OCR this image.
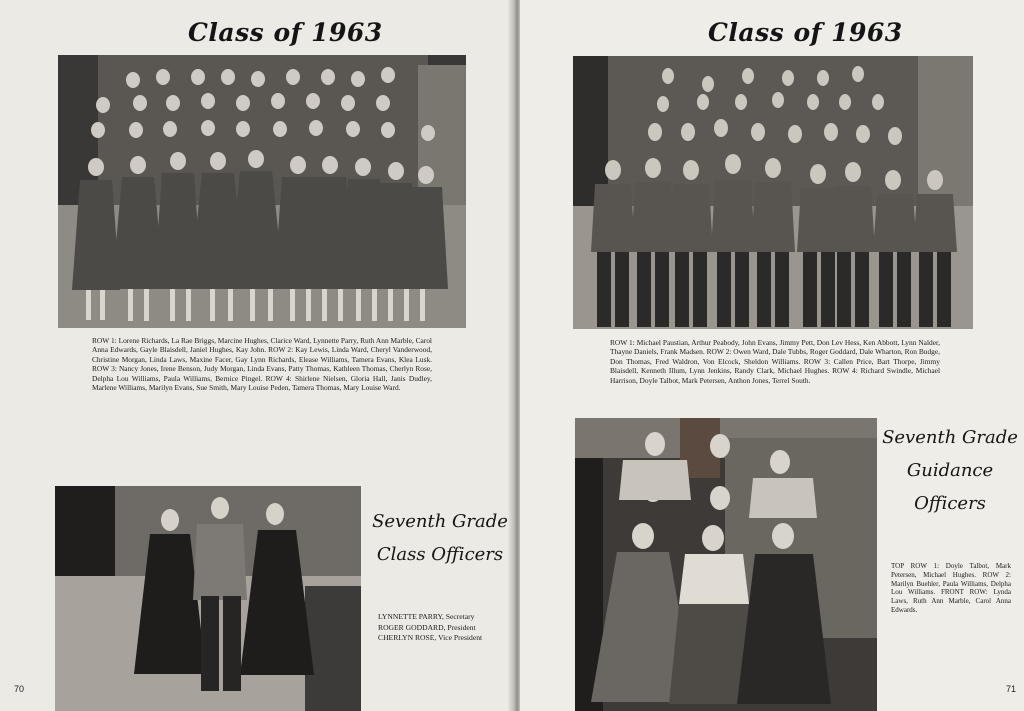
Class of 1963

ROW 1: Lorene Richards, La Rae Briggs, Marcine Hughes, Clarice Ward, Lynnette Parry, Ruth Ann Marble, Carol Anna Edwards, Gayle Blaisdell, Janiel Hughes, Kay John. ROW 2: Kay Lewis, Linda Ward, Cheryl Vanderwood, Christine Morgan, Linda Laws, Maxine Facer, Gay Lynn Richards, Elease Williams, Tamera Evans, Klea Lusk. ROW 3: Nancy Jones, Irene Benson, Judy Morgan, Linda Evans, Patty Thomas, Kathleen Thomas, Cherlyn Rose, Delpha Lou Williams, Paula Williams, Bernice Pingel. ROW 4: Shirlene Nielsen, Gloria Hall, Janis Dudley, Marlene Williams, Marilyn Evans, Sue Smith, Mary Louise Peden, Tamera Thomas, Mary Louise Ward.

Seventh Grade
Class Officers
LYNNETTE PARRY, Secretary
ROGER GODDARD, President
CHERLYN ROSE, Vice President
70
Class of 1963

ROW 1: Michael Paustian, Arthur Peabody, John Evans, Jimmy Pett, Don Lev Hess, Ken Abbott, Lynn Nalder, Thayne Daniels, Frank Madsen. ROW 2: Owen Ward, Dale Tubbs, Roger Goddard, Dale Wharton, Ron Budge, Don Thomas, Fred Waldron, Von Elcock, Sheldon Williams. ROW 3: Callen Price, Bart Thorpe, Jimmy Blaisdell, Kenneth Illum, Lynn Jenkins, Randy Clark, Michael Hughes. ROW 4: Richard Swindle, Michael Harrison, Doyle Talbot, Mark Petersen, Anthon Jones, Terrel South.

Seventh Grade
Guidance
Officers

TOP ROW 1: Doyle Talbot, Mark Petersen, Michael Hughes. ROW 2: Marilyn Buehler, Paula Williams, Delpha Lou Williams. FRONT ROW: Lynda Laws, Ruth Ann Marble, Carol Anna Edwards.

71
